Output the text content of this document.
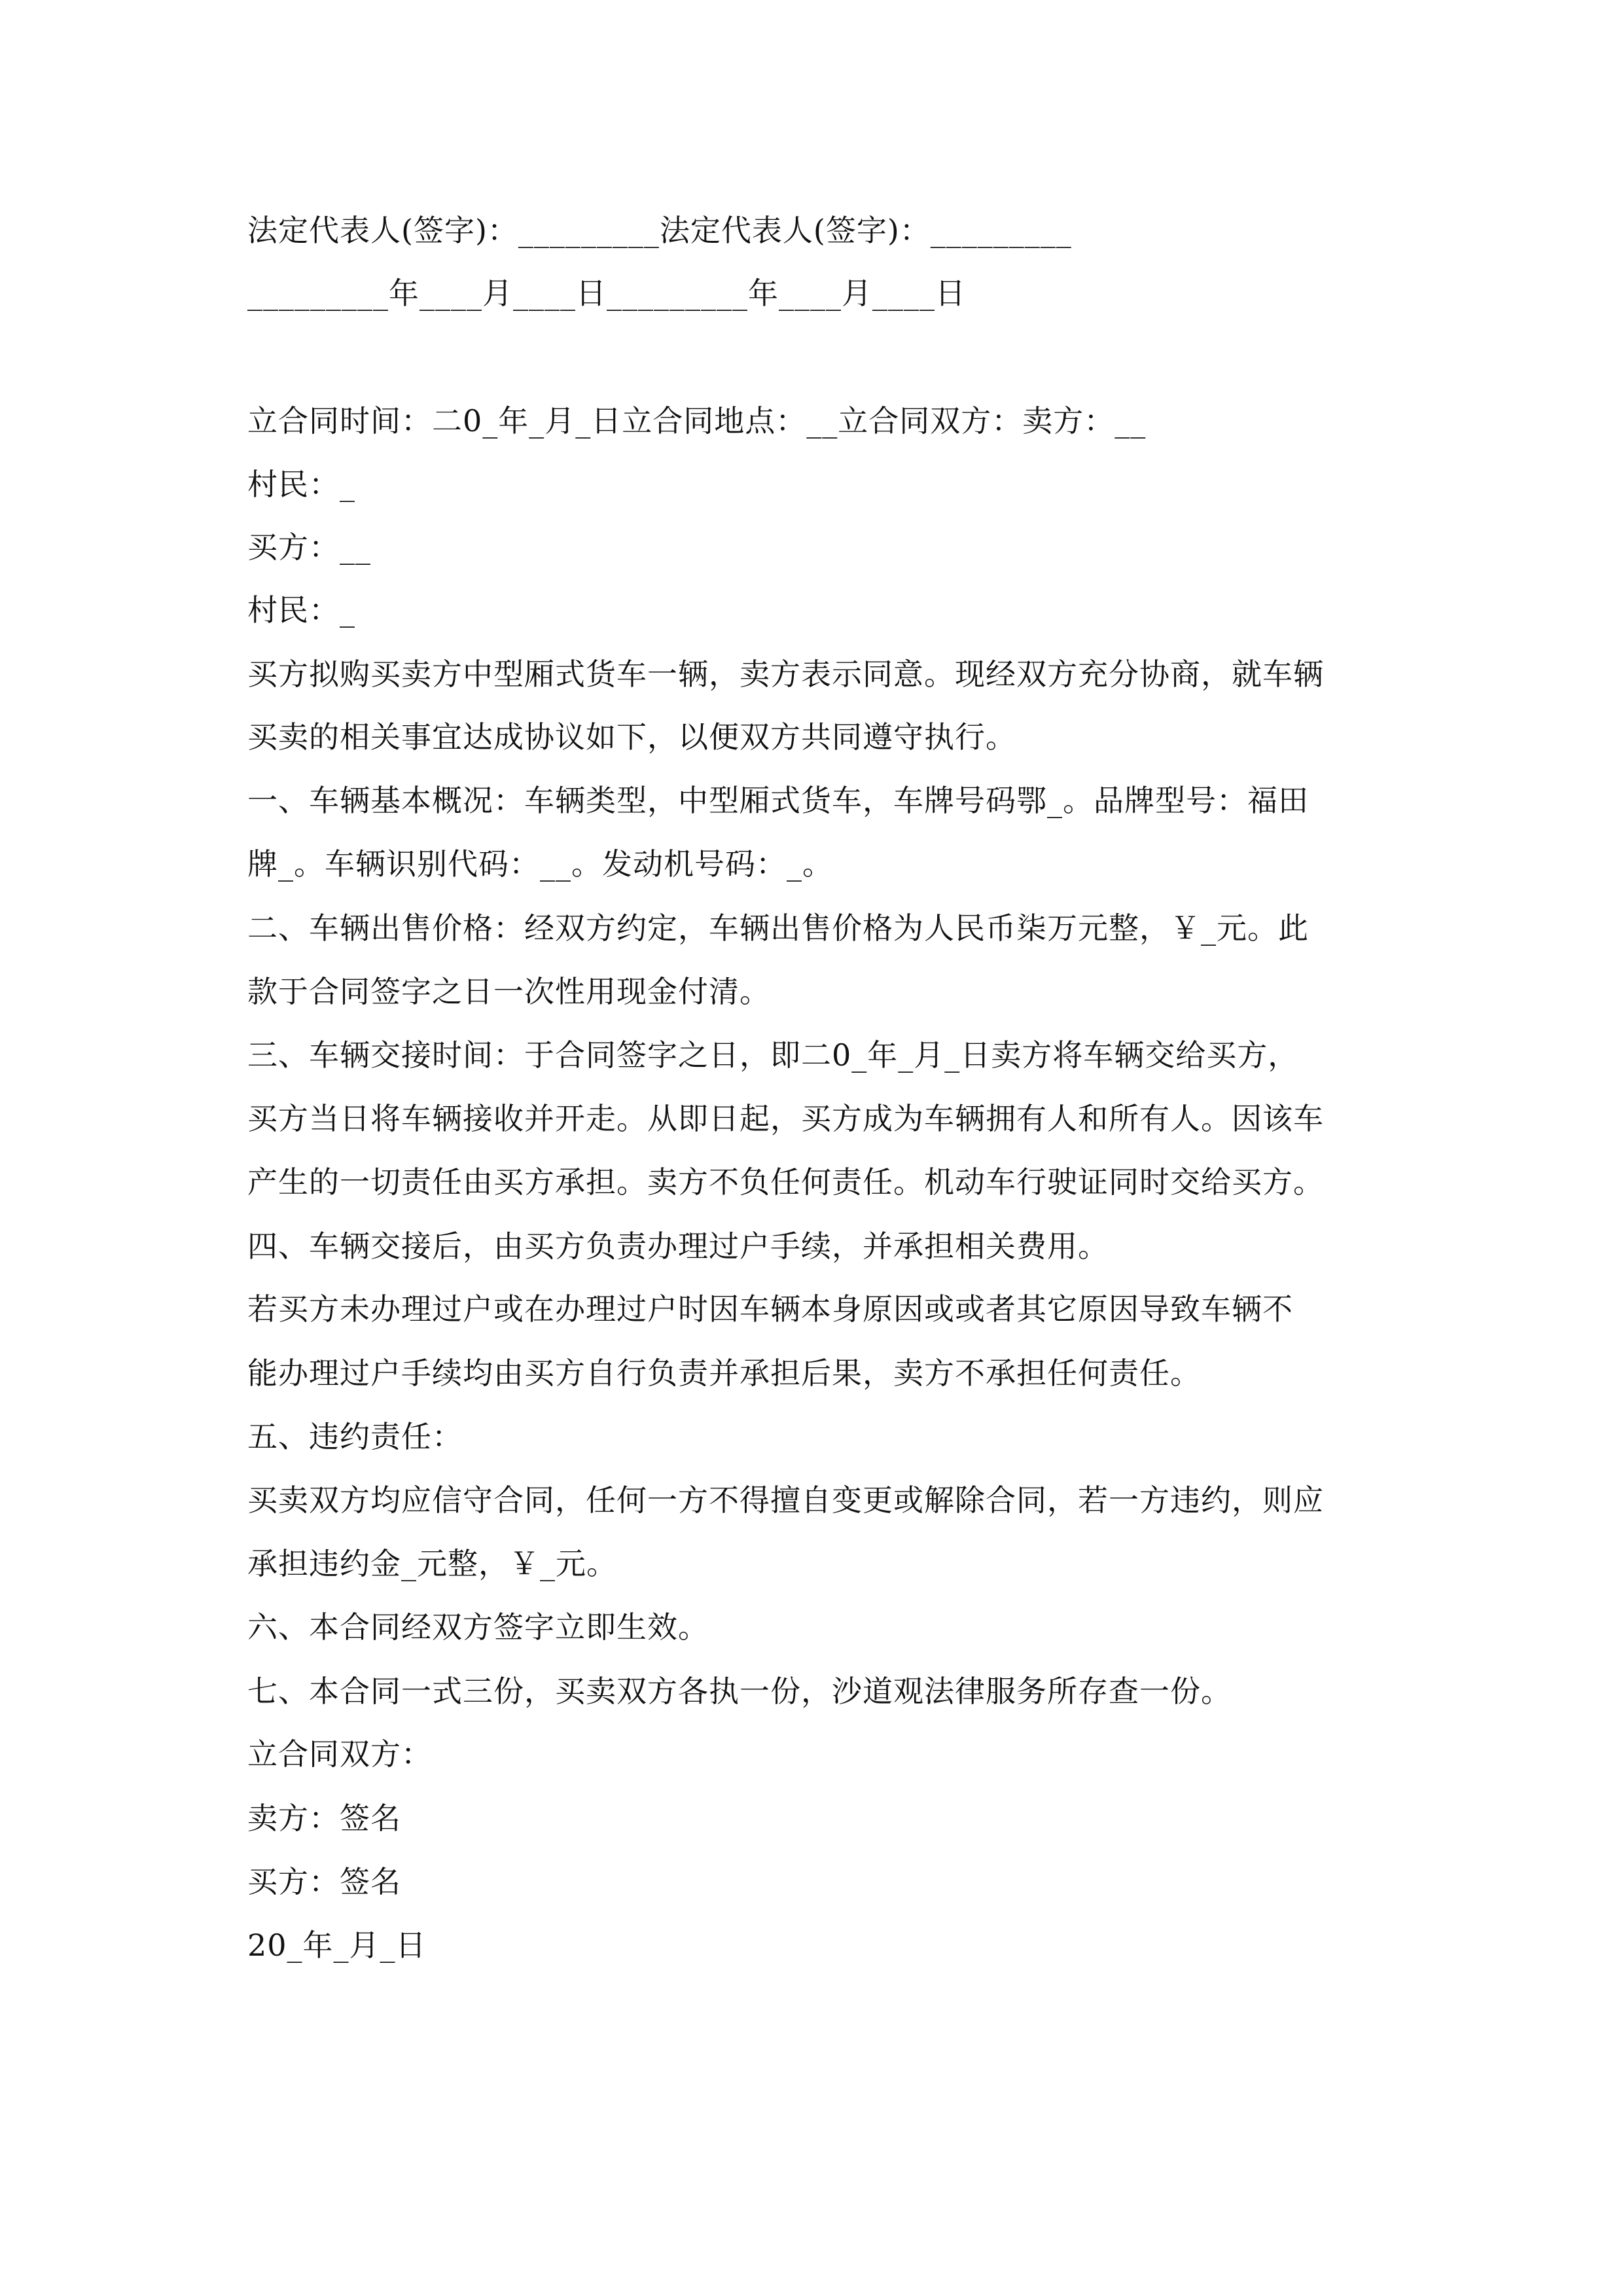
法定代表人(签字)：_________法定代表人(签字)：_________
_________年____月____日_________年____月____日
立合同时间：二0_年_月_日立合同地点：__立合同双方：卖方：__
村民：_
买方：__
村民：_
买方拟购买卖方中型厢式货车一辆，卖方表示同意。现经双方充分协商，就车辆
买卖的相关事宜达成协议如下，以便双方共同遵守执行。
一、车辆基本概况：车辆类型，中型厢式货车，车牌号码鄂_。品牌型号：福田
牌_。车辆识别代码：__。发动机号码：_。
二、车辆出售价格：经双方约定，车辆出售价格为人民币柒万元整，￥_元。此
款于合同签字之日一次性用现金付清。
三、车辆交接时间：于合同签字之日，即二0_年_月_日卖方将车辆交给买方，
买方当日将车辆接收并开走。从即日起，买方成为车辆拥有人和所有人。因该车
产生的一切责任由买方承担。卖方不负任何责任。机动车行驶证同时交给买方。
四、车辆交接后，由买方负责办理过户手续，并承担相关费用。
若买方未办理过户或在办理过户时因车辆本身原因或或者其它原因导致车辆不
能办理过户手续均由买方自行负责并承担后果，卖方不承担任何责任。
五、违约责任：
买卖双方均应信守合同，任何一方不得擅自变更或解除合同，若一方违约，则应
承担违约金_元整，￥_元。
六、本合同经双方签字立即生效。
七、本合同一式三份，买卖双方各执一份，沙道观法律服务所存查一份。
立合同双方：
卖方：签名
买方：签名
20_年_月_日
